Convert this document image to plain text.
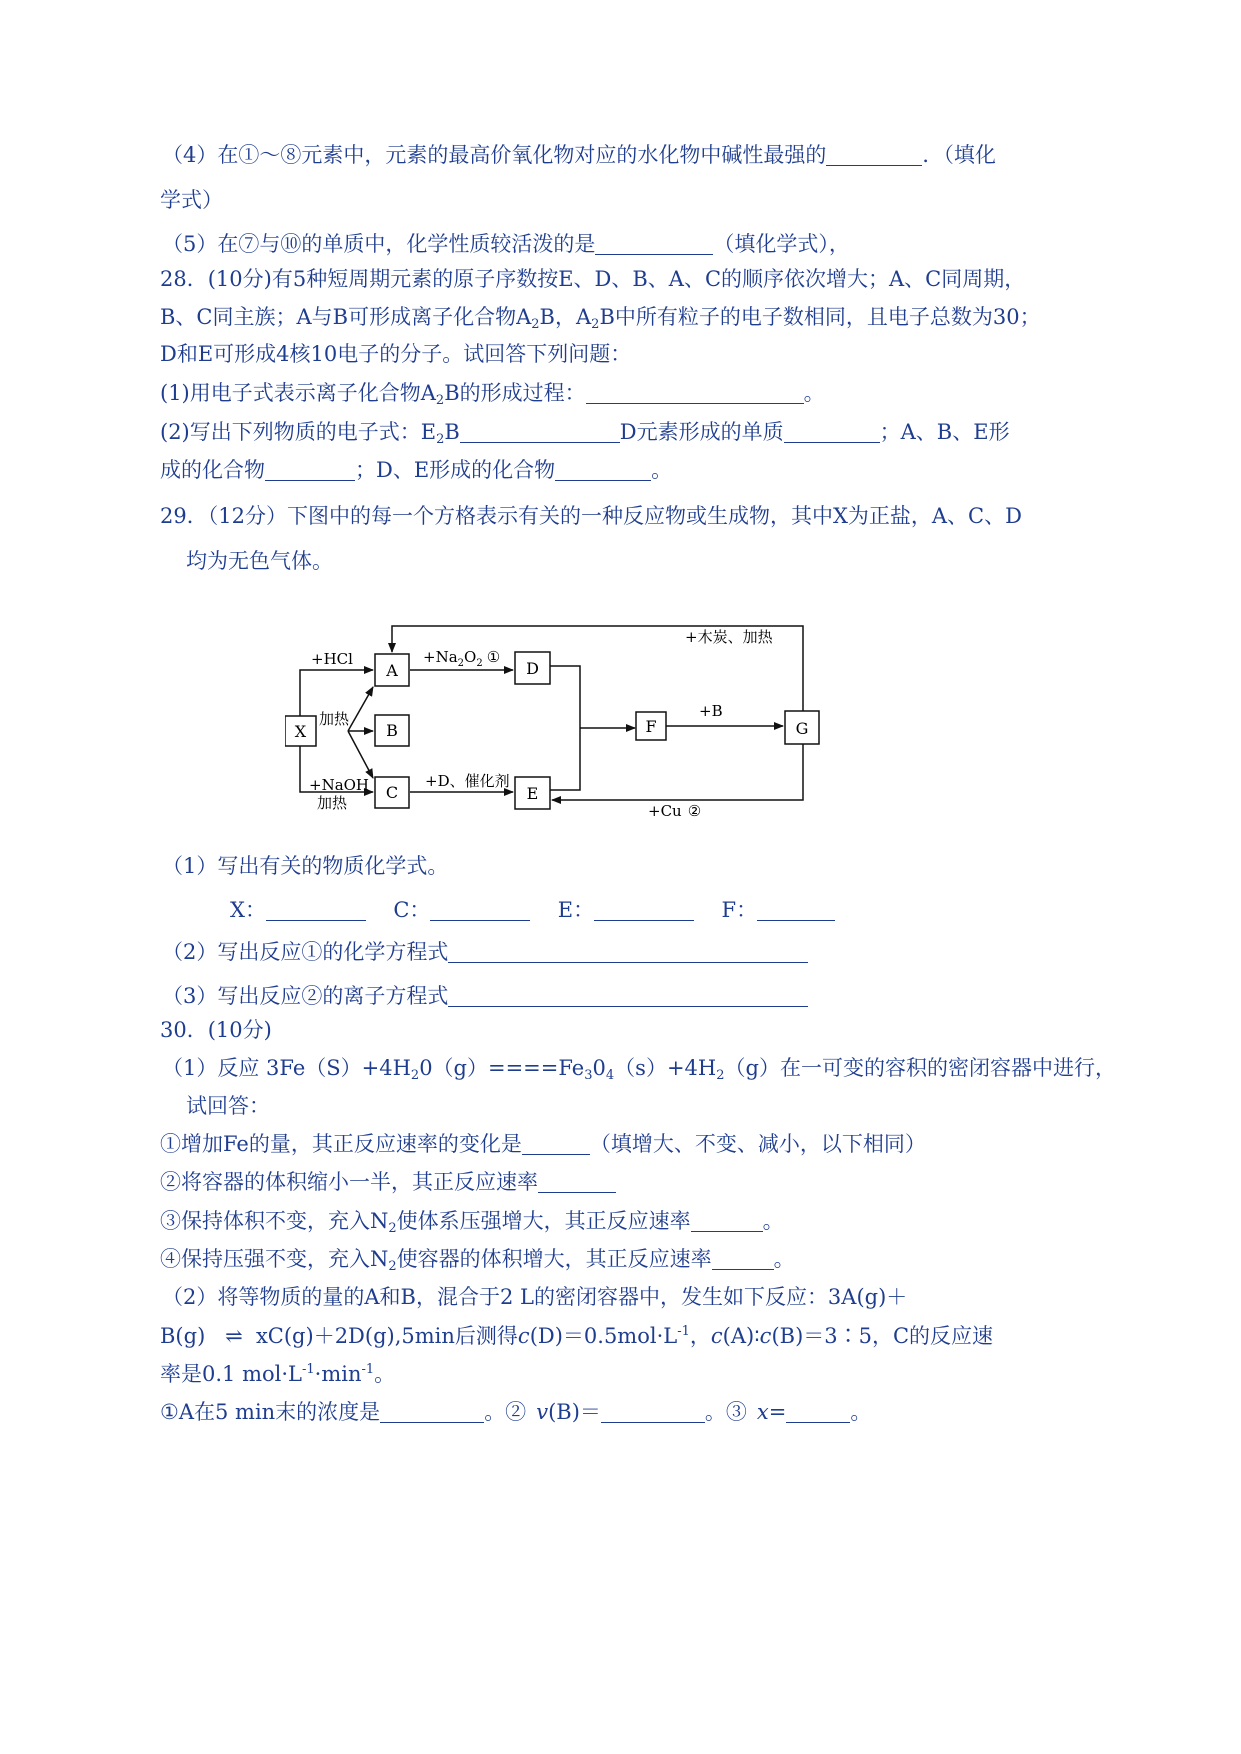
（4）在①～⑧元素中，元素的最高价氧化物对应的水化物中碱性最强的	．（填化
学式）
（5）在⑦与⑩的单质中，化学性质较活泼的是	（填化学式），
28．(10分)有5种短周期元素的原子序数按E、D、B、A、C的顺序依次增大；A、C同周期，
B、C同主族；A与B可形成离子化合物$A_2B$，$A_2B$中所有粒子的电子数相同，且电子总数为30；
D和E可形成4核10电子的分子。试回答下列问题：
(1)用电子式表示离子化合物$A_2B$的形成过程：	。
(2)写出下列物质的电子式：$E_2B$	D元素形成的单质	；A、B、E形
成的化合物	；D、E形成的化合物	。
29．（12分）下图中的每一个方格表示有关的一种反应物或生成物，其中X为正盐，A、C、D
均为无色气体。
X
A
B
C
D
E
F	G
+HCl
加热
+NaOH
加热
$+Na_2O_2$ ①
+D、催化剂
+B
+木炭、加热
+Cu ②
（1）写出有关的物质化学式。
X：	C：	E：	F：
（2）写出反应①的化学方程式
（3）写出反应②的离子方程式
30．(10分)
（1）反应 $3Fe(S)+4H_20(g)====Fe_30_4(s)+4H_2(g)$在一可变的容积的密闭容器中进行，
试回答：
①增加Fe的量，其正反应速率的变化是	（填增大、不变、减小，以下相同）
②将容器的体积缩小一半，其正反应速率
③保持体积不变，充入$N_2$使体系压强增大，其正反应速率	。
④保持压强不变，充入$N_2$使容器的体积增大，其正反应速率	。
（2）将等物质的量的A和B，混合于2 L的密闭容器中，发生如下反应：3A(g)＋
B(g) ⇌ xC(g)＋2D(g),5min后测得$c(D)=0.5mol\cdot L^{-1}$，c(A)∶c(B)＝3∶5，C的反应速
率是0.1 $mol\cdot L^{-1}\cdot\min^{-1}$。
①A在5 min末的浓度是	。② v(B)＝	。③ x=	。
